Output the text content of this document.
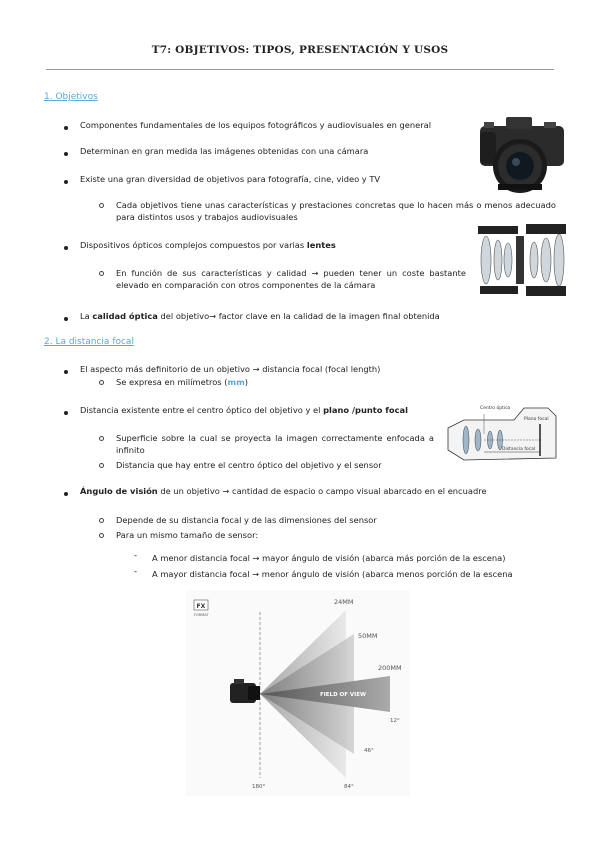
T7: OBJETIVOS: TIPOS, PRESENTACIÓN Y USOS
1. Objetivos
Componentes fundamentales de los equipos fotográficos y audiovisuales en general
Determinan en gran medida las imágenes obtenidas con una cámara
Existe una gran diversidad de objetivos para fotografía, cine, video y TV
Cada objetivos tiene unas características y prestaciones concretas que lo hacen más o menos adecuado para distintos usos y trabajos audiovisuales
Dispositivos ópticos complejos compuestos por varias lentes
En función de sus características y calidad → pueden tener un coste bastante elevado en comparación con otros componentes de la cámara
La calidad óptica del objetivo→ factor clave en la calidad de la imagen final obtenida
2. La distancia focal
El aspecto más definitorio de un objetivo → distancia focal (focal length)
Se expresa en milímetros (mm)
Distancia existente entre el centro óptico del objetivo y el plano /punto focal
Superficie sobre la cual se proyecta la imagen correctamente enfocada a infinito
Distancia que hay entre el centro óptico del objetivo y el sensor
Centro óptico
Plano focal
Distancia focal
Ángulo de visión de un objetivo → cantidad de espacio o campo visual abarcado en el encuadre
Depende de su distancia focal y de las dimensiones del sensor
Para un mismo tamaño de sensor:
- A menor distancia focal → mayor ángulo de visión (abarca más porción de la escena)
- A mayor distancia focal → menor ángulo de visión (abarca menos porción de la escena
FX
FORMAT
24MM
50MM
200MM
FIELD OF VIEW
12°
46°
84°
180°
